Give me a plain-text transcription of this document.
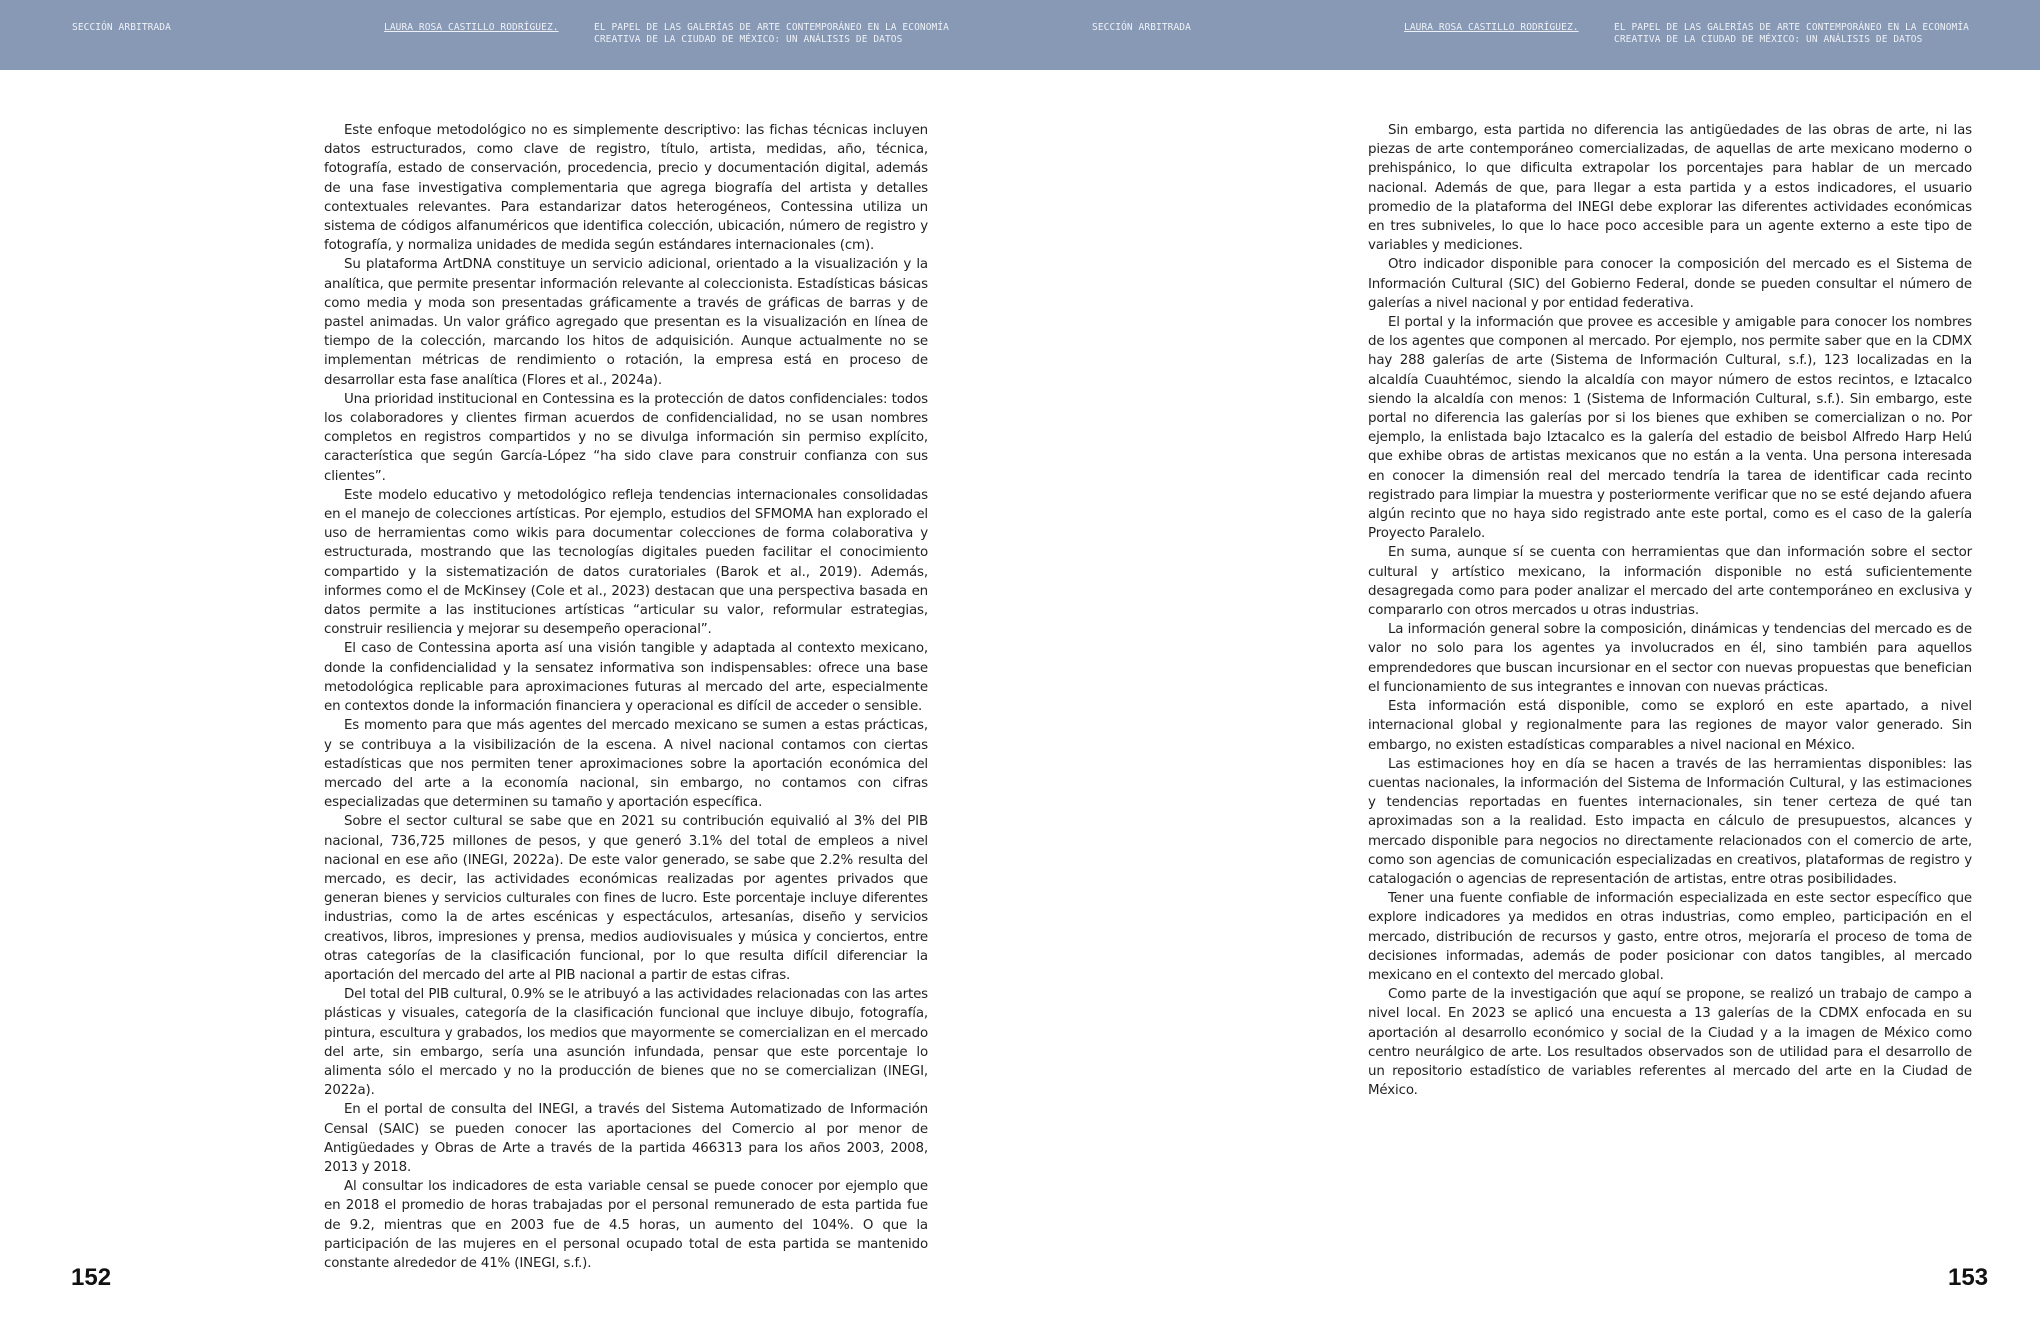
SECCIÓN ARBITRADA	LAURA ROSA CASTILLO RODRÍGUEZ.	EL PAPEL DE LAS GALERÍAS DE ARTE CONTEMPORÁNEO EN LA ECONOMÍA
CREATIVA DE LA CIUDAD DE MÉXICO: UN ANÁLISIS DE DATOS

Este enfoque metodológico no es simplemente descriptivo: las fichas técnicas incluyen datos estructurados, como clave de registro, título, artista, medidas, año, técnica, fotografía, estado de conservación, procedencia, precio y documentación digital, además de una fase investigativa complementaria que agrega biografía del artista y detalles contextuales relevantes. Para estandarizar datos heterogéneos, Contessina utiliza un sistema de códigos alfanuméricos que identifica colección, ubicación, número de registro y fotografía, y normaliza unidades de medida según estándares internacionales (cm).

Su plataforma ArtDNA constituye un servicio adicional, orientado a la visualización y la analítica, que permite presentar información relevante al coleccionista. Estadísticas básicas como media y moda son presentadas gráficamente a través de gráficas de barras y de pastel animadas. Un valor gráfico agregado que presentan es la visualización en línea de tiempo de la colección, marcando los hitos de adquisición. Aunque actualmente no se implementan métricas de rendimiento o rotación, la empresa está en proceso de desarrollar esta fase analítica (Flores et al., 2024a).

Una prioridad institucional en Contessina es la protección de datos confidenciales: todos los colaboradores y clientes firman acuerdos de confidencialidad, no se usan nombres completos en registros compartidos y no se divulga información sin permiso explícito, característica que según García-López “ha sido clave para construir confianza con sus clientes”.

Este modelo educativo y metodológico refleja tendencias internacionales consolidadas en el manejo de colecciones artísticas. Por ejemplo, estudios del SFMOMA han explorado el uso de herramientas como wikis para documentar colecciones de forma colaborativa y estructurada, mostrando que las tecnologías digitales pueden facilitar el conocimiento compartido y la sistematización de datos curatoriales (Barok et al., 2019). Además, informes como el de McKinsey (Cole et al., 2023) destacan que una perspectiva basada en datos permite a las instituciones artísticas “articular su valor, reformular estrategias, construir resiliencia y mejorar su desempeño operacional”.

El caso de Contessina aporta así una visión tangible y adaptada al contexto mexicano, donde la confidencialidad y la sensatez informativa son indispensables: ofrece una base metodológica replicable para aproximaciones futuras al mercado del arte, especialmente en contextos donde la información financiera y operacional es difícil de acceder o sensible.

Es momento para que más agentes del mercado mexicano se sumen a estas prácticas, y se contribuya a la visibilización de la escena. A nivel nacional contamos con ciertas estadísticas que nos permiten tener aproximaciones sobre la aportación económica del mercado del arte a la economía nacional, sin embargo, no contamos con cifras especializadas que determinen su tamaño y aportación específica.

Sobre el sector cultural se sabe que en 2021 su contribución equivalió al 3% del PIB nacional, 736,725 millones de pesos, y que generó 3.1% del total de empleos a nivel nacional en ese año (INEGI, 2022a). De este valor generado, se sabe que 2.2% resulta del mercado, es decir, las actividades económicas realizadas por agentes privados que generan bienes y servicios culturales con fines de lucro. Este porcentaje incluye diferentes industrias, como la de artes escénicas y espectáculos, artesanías, diseño y servicios creativos, libros, impresiones y prensa, medios audiovisuales y música y conciertos, entre otras categorías de la clasificación funcional, por lo que resulta difícil diferenciar la aportación del mercado del arte al PIB nacional a partir de estas cifras.

Del total del PIB cultural, 0.9% se le atribuyó a las actividades relacionadas con las artes plásticas y visuales, categoría de la clasificación funcional que incluye dibujo, fotografía, pintura, escultura y grabados, los medios que mayormente se comercializan en el mercado del arte, sin embargo, sería una asunción infundada, pensar que este porcentaje lo alimenta sólo el mercado y no la producción de bienes que no se comercializan (INEGI, 2022a).

En el portal de consulta del INEGI, a través del Sistema Automatizado de Información Censal (SAIC) se pueden conocer las aportaciones del Comercio al por menor de Antigüedades y Obras de Arte a través de la partida 466313 para los años 2003, 2008, 2013 y 2018.

Al consultar los indicadores de esta variable censal se puede conocer por ejemplo que en 2018 el promedio de horas trabajadas por el personal remunerado de esta partida fue de 9.2, mientras que en 2003 fue de 4.5 horas, un aumento del 104%. O que la participación de las mujeres en el personal ocupado total de esta partida se mantenido constante alrededor de 41% (INEGI, s.f.).

152
SECCIÓN ARBITRADA	LAURA ROSA CASTILLO RODRÍGUEZ.	EL PAPEL DE LAS GALERÍAS DE ARTE CONTEMPORÁNEO EN LA ECONOMÍA
CREATIVA DE LA CIUDAD DE MÉXICO: UN ANÁLISIS DE DATOS

Sin embargo, esta partida no diferencia las antigüedades de las obras de arte, ni las piezas de arte contemporáneo comercializadas, de aquellas de arte mexicano moderno o prehispánico, lo que dificulta extrapolar los porcentajes para hablar de un mercado nacional. Además de que, para llegar a esta partida y a estos indicadores, el usuario promedio de la plataforma del INEGI debe explorar las diferentes actividades económicas en tres subniveles, lo que lo hace poco accesible para un agente externo a este tipo de variables y mediciones.

Otro indicador disponible para conocer la composición del mercado es el Sistema de Información Cultural (SIC) del Gobierno Federal, donde se pueden consultar el número de galerías a nivel nacional y por entidad federativa.

El portal y la información que provee es accesible y amigable para conocer los nombres de los agentes que componen al mercado. Por ejemplo, nos permite saber que en la CDMX hay 288 galerías de arte (Sistema de Información Cultural, s.f.), 123 localizadas en la alcaldía Cuauhtémoc, siendo la alcaldía con mayor número de estos recintos, e Iztacalco siendo la alcaldía con menos: 1 (Sistema de Información Cultural, s.f.). Sin embargo, este portal no diferencia las galerías por si los bienes que exhiben se comercializan o no. Por ejemplo, la enlistada bajo Iztacalco es la galería del estadio de beisbol Alfredo Harp Helú que exhibe obras de artistas mexicanos que no están a la venta. Una persona interesada en conocer la dimensión real del mercado tendría la tarea de identificar cada recinto registrado para limpiar la muestra y posteriormente verificar que no se esté dejando afuera algún recinto que no haya sido registrado ante este portal, como es el caso de la galería Proyecto Paralelo.

En suma, aunque sí se cuenta con herramientas que dan información sobre el sector cultural y artístico mexicano, la información disponible no está suficientemente desagregada como para poder analizar el mercado del arte contemporáneo en exclusiva y compararlo con otros mercados u otras industrias.

La información general sobre la composición, dinámicas y tendencias del mercado es de valor no solo para los agentes ya involucrados en él, sino también para aquellos emprendedores que buscan incursionar en el sector con nuevas propuestas que benefician el funcionamiento de sus integrantes e innovan con nuevas prácticas.

Esta información está disponible, como se exploró en este apartado, a nivel internacional global y regionalmente para las regiones de mayor valor generado. Sin embargo, no existen estadísticas comparables a nivel nacional en México.

Las estimaciones hoy en día se hacen a través de las herramientas disponibles: las cuentas nacionales, la información del Sistema de Información Cultural, y las estimaciones y tendencias reportadas en fuentes internacionales, sin tener certeza de qué tan aproximadas son a la realidad. Esto impacta en cálculo de presupuestos, alcances y mercado disponible para negocios no directamente relacionados con el comercio de arte, como son agencias de comunicación especializadas en creativos, plataformas de registro y catalogación o agencias de representación de artistas, entre otras posibilidades.

Tener una fuente confiable de información especializada en este sector específico que explore indicadores ya medidos en otras industrias, como empleo, participación en el mercado, distribución de recursos y gasto, entre otros, mejoraría el proceso de toma de decisiones informadas, además de poder posicionar con datos tangibles, al mercado mexicano en el contexto del mercado global.

Como parte de la investigación que aquí se propone, se realizó un trabajo de campo a nivel local. En 2023 se aplicó una encuesta a 13 galerías de la CDMX enfocada en su aportación al desarrollo económico y social de la Ciudad y a la imagen de México como centro neurálgico de arte. Los resultados observados son de utilidad para el desarrollo de un repositorio estadístico de variables referentes al mercado del arte en la Ciudad de México.

153
